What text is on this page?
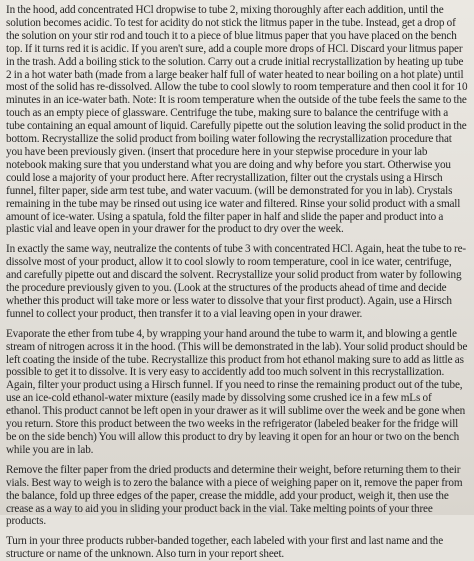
In the hood, add concentrated HCl dropwise to tube 2, mixing thoroughly after each addition, until the solution becomes acidic. To test for acidity do not stick the litmus paper in the tube. Instead, get a drop of the solution on your stir rod and touch it to a piece of blue litmus paper that you have placed on the bench top. If it turns red it is acidic. If you aren't sure, add a couple more drops of HCl. Discard your litmus paper in the trash. Add a boiling stick to the solution. Carry out a crude initial recrystallization by heating up tube 2 in a hot water bath (made from a large beaker half full of water heated to near boiling on a hot plate) until most of the solid has re-dissolved. Allow the tube to cool slowly to room temperature and then cool it for 10 minutes in an ice-water bath. Note: It is room temperature when the outside of the tube feels the same to the touch as an empty piece of glassware. Centrifuge the tube, making sure to balance the centrifuge with a tube containing an equal amount of liquid. Carefully pipette out the solution leaving the solid product in the bottom. Recrystallize the solid product from boiling water following the recrystallization procedure that you have been previously given. (insert that procedure here in your stepwise procedure in your lab notebook making sure that you understand what you are doing and why before you start. Otherwise you could lose a majority of your product here. After recrystallization, filter out the crystals using a Hirsch funnel, filter paper, side arm test tube, and water vacuum. (will be demonstrated for you in lab). Crystals remaining in the tube may be rinsed out using ice water and filtered. Rinse your solid product with a small amount of ice-water. Using a spatula, fold the filter paper in half and slide the paper and product into a plastic vial and leave open in your drawer for the product to dry over the week.

In exactly the same way, neutralize the contents of tube 3 with concentrated HCl. Again, heat the tube to re-dissolve most of your product, allow it to cool slowly to room temperature, cool in ice water, centrifuge, and carefully pipette out and discard the solvent. Recrystallize your solid product from water by following the procedure previously given to you. (Look at the structures of the products ahead of time and decide whether this product will take more or less water to dissolve that your first product). Again, use a Hirsch funnel to collect your product, then transfer it to a vial leaving open in your drawer.

Evaporate the ether from tube 4, by wrapping your hand around the tube to warm it, and blowing a gentle stream of nitrogen across it in the hood. (This will be demonstrated in the lab). Your solid product should be left coating the inside of the tube. Recrystallize this product from hot ethanol making sure to add as little as possible to get it to dissolve. It is very easy to accidently add too much solvent in this recrystallization. Again, filter your product using a Hirsch funnel. If you need to rinse the remaining product out of the tube, use an ice-cold ethanol-water mixture (easily made by dissolving some crushed ice in a few mLs of ethanol. This product cannot be left open in your drawer as it will sublime over the week and be gone when you return. Store this product between the two weeks in the refrigerator (labeled beaker for the fridge will be on the side bench) You will allow this product to dry by leaving it open for an hour or two on the bench while you are in lab.

Remove the filter paper from the dried products and determine their weight, before returning them to their vials. Best way to weigh is to zero the balance with a piece of weighing paper on it, remove the paper from the balance, fold up three edges of the paper, crease the middle, add your product, weigh it, then use the crease as a way to aid you in sliding your product back in the vial. Take melting points of your three products.

Turn in your three products rubber-banded together, each labeled with your first and last name and the structure or name of the unknown. Also turn in your report sheet.
